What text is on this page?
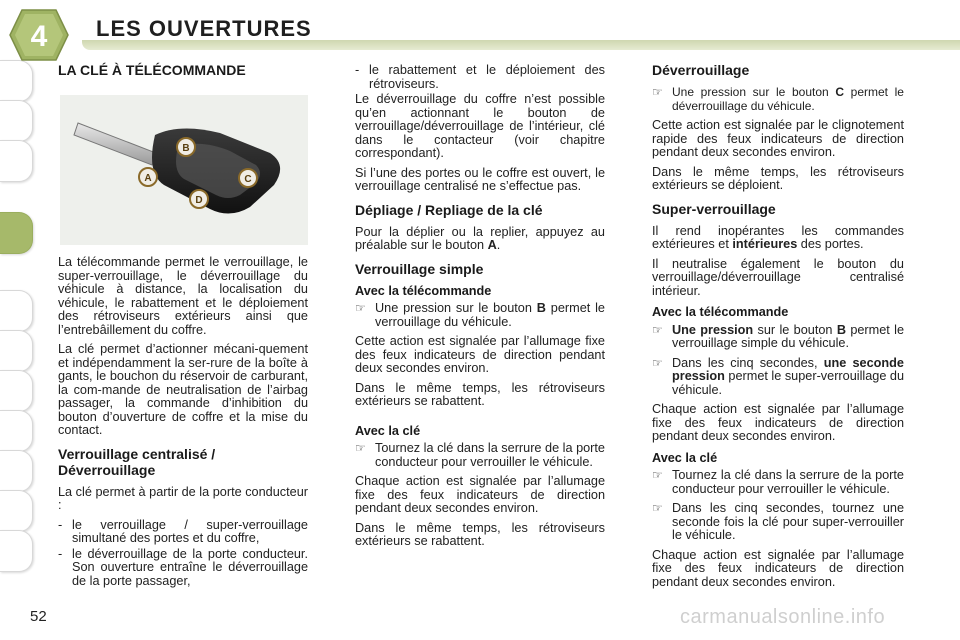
4 LES OUVERTURES
LA CLÉ À TÉLÉCOMMANDE
A
B
C
D

La télécommande permet le verrouillage, le super-verrouillage, le déverrouillage du véhicule à distance, la localisation du véhicule, le rabattement et le déploiement des rétroviseurs extérieurs ainsi que l’entrebâillement du coffre.

La clé permet d’actionner mécani-quement et indépendamment la ser-rure de la boîte à gants, le bouchon du réservoir de carburant, la com-mande de neutralisation de l’airbag passager, la commande d’inhibition du bouton d’ouverture de coffre et la mise du contact.

Verrouillage centralisé / Déverrouillage

La clé permet à partir de la porte conducteur :

- le verrouillage / super-verrouillage simultané des portes et du coffre,
- le déverrouillage de la porte conducteur. Son ouverture entraîne le déverrouillage de la porte passager,
- le rabattement et le déploiement des rétroviseurs.

Le déverrouillage du coffre n’est possible qu’en actionnant le bouton de verrouillage/déverrouillage de l’intérieur, clé dans le contacteur (voir chapitre correspondant).

Si l’une des portes ou le coffre est ouvert, le verrouillage centralisé ne s’effectue pas.

Dépliage / Repliage de la clé

Pour la déplier ou la replier, appuyez au préalable sur le bouton A.

Verrouillage simple
Avec la télécommande
☞ Une pression sur le bouton B permet le verrouillage du véhicule.

Cette action est signalée par l’allumage fixe des feux indicateurs de direction pendant deux secondes environ.

Dans le même temps, les rétroviseurs extérieurs se rabattent.

Avec la clé
☞ Tournez la clé dans la serrure de la porte conducteur pour verrouiller le véhicule.

Chaque action est signalée par l’allumage fixe des feux indicateurs de direction pendant deux secondes environ.

Dans le même temps, les rétroviseurs extérieurs se rabattent.

Déverrouillage
☞ Une pression sur le bouton C permet le déverrouillage du véhicule.

Cette action est signalée par le clignotement rapide des feux indicateurs de direction pendant deux secondes environ.

Dans le même temps, les rétroviseurs extérieurs se déploient.

Super-verrouillage

Il rend inopérantes les commandes extérieures et intérieures des portes.

Il neutralise également le bouton du verrouillage/déverrouillage centralisé intérieur.

Avec la télécommande
☞ Une pression sur le bouton B permet le verrouillage simple du véhicule.
☞ Dans les cinq secondes, une seconde pression permet le super-verrouillage du véhicule.

Chaque action est signalée par l’allumage fixe des feux indicateurs de direction pendant deux secondes environ.

Avec la clé
☞ Tournez la clé dans la serrure de la porte conducteur pour verrouiller le véhicule.
☞ Dans les cinq secondes, tournez une seconde fois la clé pour super-verrouiller le véhicule.

Chaque action est signalée par l’allumage fixe des feux indicateurs de direction pendant deux secondes environ.

52	carmanualsonline.info
